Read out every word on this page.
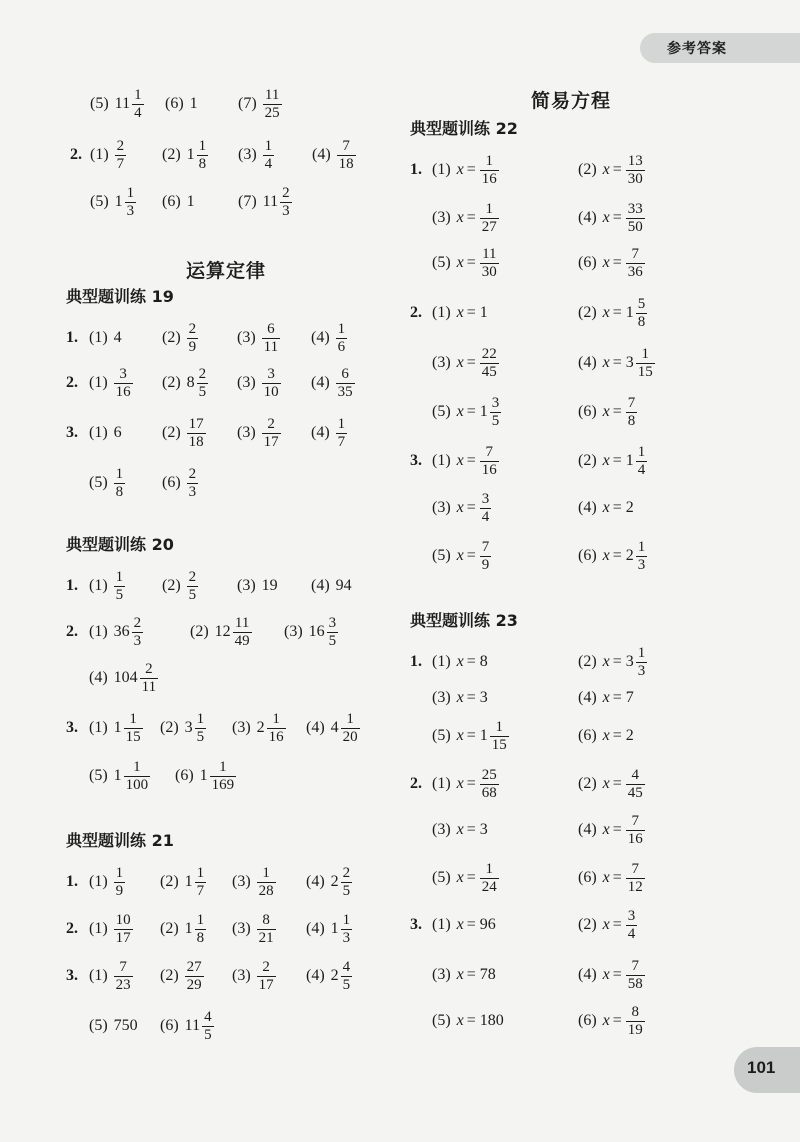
参考答案
(5) $11 \frac{1}{4} (6)$ 1	$(7) \frac{11}{25}$
2. $(1) \frac{2}{7} (2)$ $1 \frac{1}{8} (3) \frac{1}{4} (4) \frac{7}{18}$
(5) $1 \frac{1}{3} (6)$ 1	(7) $11 \frac{2}{3}$
运算定律
典型题训练 19
1. (1) 4	$(2) \frac{2}{9} (3) \frac{6}{11} (4) \frac{1}{6}$
2. $(1) \frac{3}{16} (2)$ $8 \frac{2}{5} (3) \frac{3}{10} (4) \frac{6}{35}$
3. (1) 6	$(2) \frac{17}{18} (3) \frac{2}{17} (4) \frac{1}{7}$
$(5) \frac{1}{8} (6) \frac{2}{3}$
典型题训练 20
1. $(1) \frac{1}{5} (2) \frac{2}{5} (3)$ 19 (4) 94
2. (1) $36 \frac{2}{3}$	(2) $12 \frac{11}{49} (3)$ $16 \frac{3}{5}$
(4) $104 \frac{2}{11}$
3. (1) $1 \frac{1}{15} (2)$ $3 \frac{1}{5} (3)$ $2 \frac{1}{16} (4)$ $4 \frac{1}{20}$
(5) $1 \frac{1}{100} (6)$ $1 \frac{1}{169}$
典型题训练 21
1. $(1) \frac{1}{9} (2)$ $1 \frac{1}{7} (3) \frac{1}{28} (4)$ $2 \frac{2}{5}$
2. $(1) \frac{10}{17} (2)$ $1 \frac{1}{8} (3) \frac{8}{21} (4)$ $1 \frac{1}{3}$
3. $(1) \frac{7}{23} (2) \frac{27}{29} (3) \frac{2}{17} (4)$ $2 \frac{4}{5}$
(5) 750 (6) $11 \frac{4}{5}$
简易方程
典型题训练 22
1. (1) $x = \frac{1}{16}$	(2) $x = \frac{13}{30}$
(3) $x = \frac{1}{27}$	(4) $x = \frac{33}{50}$
(5) $x = \frac{11}{30}$	(6) $x = \frac{7}{36}$
2. (1) x = 1	(2) $x = 1 \frac{5}{8}$
(3) $x = \frac{22}{45}$	(4) $x = 3 \frac{1}{15}$
(5) $x = 1 \frac{3}{5}$	(6) $x = \frac{7}{8}$
3. (1) $x = \frac{7}{16}$	(2) $x = 1 \frac{1}{4}$
(3) $x = \frac{3}{4}$	(4) x = 2
(5) $x = \frac{7}{9}$	(6) $x = 2 \frac{1}{3}$
典型题训练 23
1. (1) x = 8	(2) $x = 3 \frac{1}{3}$
(3) x = 3	(4) x = 7
(5) $x = 1 \frac{1}{15}$	(6) x = 2
2. (1) $x = \frac{25}{68}$	(2) $x = \frac{4}{45}$
(3) x = 3	(4) $x = \frac{7}{16}$
(5) $x = \frac{1}{24}$	(6) $x = \frac{7}{12}$
3. (1) x = 96	(2) $x = \frac{3}{4}$
(3) x = 78	(4) $x = \frac{7}{58}$
(5) x = 180	(6) $x = \frac{8}{19}$
101
